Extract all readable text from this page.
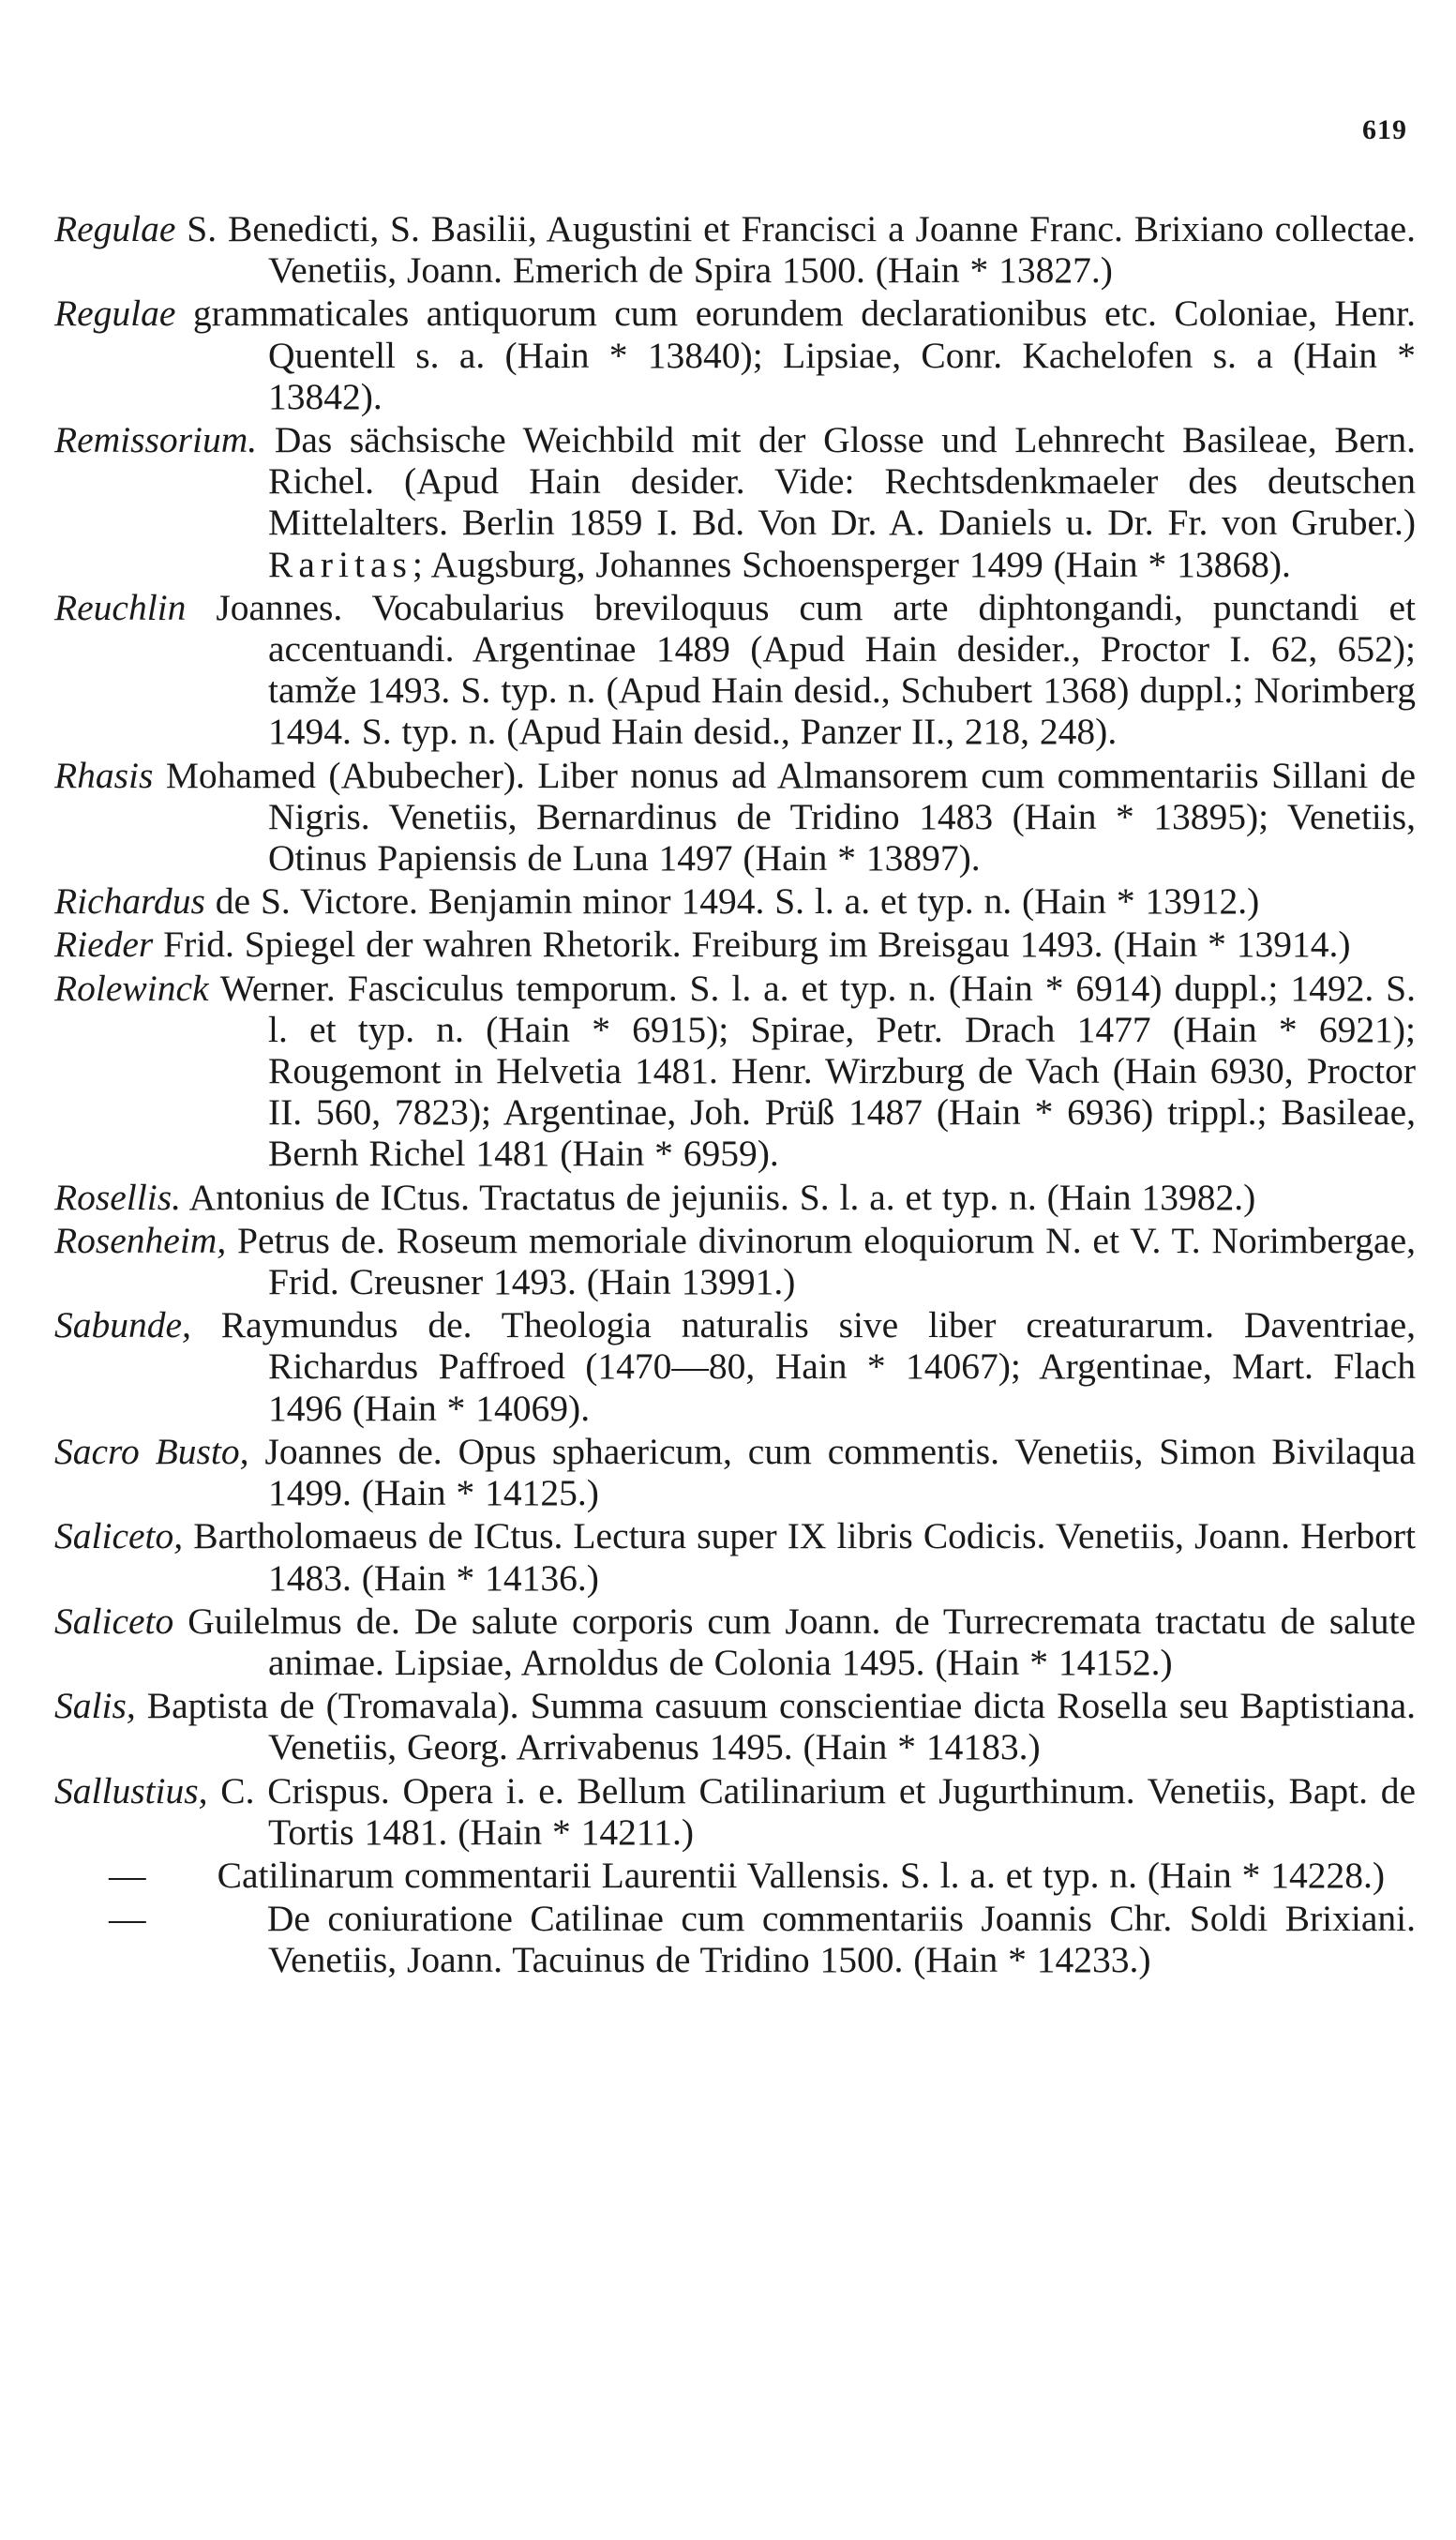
619

Regulae S. Benedicti, S. Basilii, Augustini et Francisci a Joanne Franc. Brixiano collectae. Venetiis, Joann. Emerich de Spira 1500. (Hain * 13827.)

Regulae grammaticales antiquorum cum eorundem declarationibus etc. Coloniae, Henr. Quentell s. a. (Hain * 13840); Lipsiae, Conr. Kachelofen s. a (Hain * 13842).

Remissorium. Das sächsische Weichbild mit der Glosse und Lehnrecht Basileae, Bern. Richel. (Apud Hain desider. Vide: Rechtsdenkmaeler des deutschen Mittelalters. Berlin 1859 I. Bd. Von Dr. A. Daniels u. Dr. Fr. von Gruber.) Raritas; Augsburg, Johannes Schoensperger 1499 (Hain * 13868).

Reuchlin Joannes. Vocabularius breviloquus cum arte diphtongandi, punctandi et accentuandi. Argentinae 1489 (Apud Hain desider., Proctor I. 62, 652); tamže 1493. S. typ. n. (Apud Hain desid., Schubert 1368) duppl.; Norimberg 1494. S. typ. n. (Apud Hain desid., Panzer II., 218, 248).

Rhasis Mohamed (Abubecher). Liber nonus ad Almansorem cum commentariis Sillani de Nigris. Venetiis, Bernardinus de Tridino 1483 (Hain * 13895); Venetiis, Otinus Papiensis de Luna 1497 (Hain * 13897).

Richardus de S. Victore. Benjamin minor 1494. S. l. a. et typ. n. (Hain * 13912.)

Rieder Frid. Spiegel der wahren Rhetorik. Freiburg im Breisgau 1493. (Hain * 13914.)

Rolewinck Werner. Fasciculus temporum. S. l. a. et typ. n. (Hain * 6914) duppl.; 1492. S. l. et typ. n. (Hain * 6915); Spirae, Petr. Drach 1477 (Hain * 6921); Rougemont in Helvetia 1481. Henr. Wirzburg de Vach (Hain 6930, Proctor II. 560, 7823); Argentinae, Joh. Prüß 1487 (Hain * 6936) trippl.; Basileae, Bernh Richel 1481 (Hain * 6959).

Rosellis. Antonius de ICtus. Tractatus de jejuniis. S. l. a. et typ. n. (Hain 13982.)

Rosenheim, Petrus de. Roseum memoriale divinorum eloquiorum N. et V. T. Norimbergae, Frid. Creusner 1493. (Hain 13991.)

Sabunde, Raymundus de. Theologia naturalis sive liber creaturarum. Daventriae, Richardus Paffroed (1470—80, Hain * 14067); Argentinae, Mart. Flach 1496 (Hain * 14069).

Sacro Busto, Joannes de. Opus sphaericum, cum commentis. Venetiis, Simon Bivilaqua 1499. (Hain * 14125.)

Saliceto, Bartholomaeus de ICtus. Lectura super IX libris Codicis. Venetiis, Joann. Herbort 1483. (Hain * 14136.)

Saliceto Guilelmus de. De salute corporis cum Joann. de Turrecremata tractatu de salute animae. Lipsiae, Arnoldus de Colonia 1495. (Hain * 14152.)

Salis, Baptista de (Tromavala). Summa casuum conscientiae dicta Rosella seu Baptistiana. Venetiis, Georg. Arrivabenus 1495. (Hain * 14183.)

Sallustius, C. Crispus. Opera i. e. Bellum Catilinarium et Jugurthinum. Venetiis, Bapt. de Tortis 1481. (Hain * 14211.)

— Catilinarum commentarii Laurentii Vallensis. S. l. a. et typ. n. (Hain * 14228.)

—	De coniuratione Catilinae cum commentariis Joannis Chr. Soldi Brixiani. Venetiis, Joann. Tacuinus de Tridino 1500. (Hain * 14233.)
